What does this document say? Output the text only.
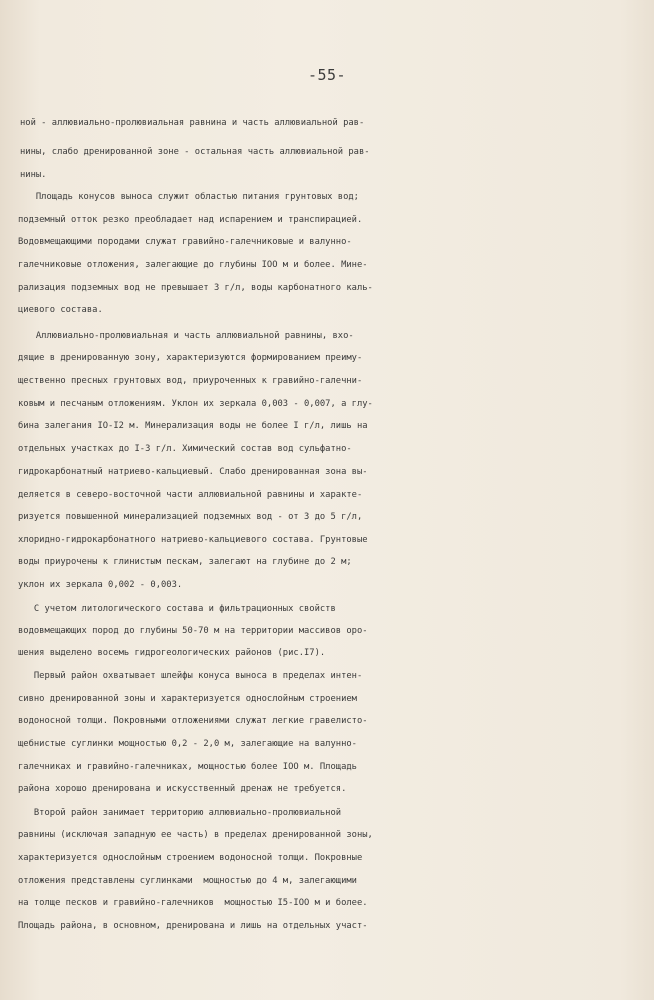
-55-
ной - аллювиально-пролювиальная равнина и часть аллювиальной рав-
нины, слабо дренированной зоне - остальная часть аллювиальной рав-
нины.
Площадь конусов выноса служит областью питания грунтовых вод;
подземный отток резко преобладает над испарением и транспирацией.
Водовмещающими породами служат гравийно-галечниковые и валунно-
галечниковые отложения, залегающие до глубины IOO м и более. Мине-
рализация подземных вод не превышает 3 г/л, воды карбонатного каль-
циевого состава.
Аллювиально-пролювиальная и часть аллювиальной равнины, вхо-
дящие в дренированную зону, характеризуются формированием преиму-
щественно пресных грунтовых вод, приуроченных к гравийно-галечни-
ковым и песчаным отложениям. Уклон их зеркала 0,003 - 0,007, а глу-
бина залегания IO-I2 м. Минерализация воды не более I г/л, лишь на
отдельных участках до I-3 г/л. Химический состав вод сульфатно-
гидрокарбонатный натриево-кальциевый. Слабо дренированная зона вы-
деляется в северо-восточной части аллювиальной равнины и характе-
ризуется повышенной минерализацией подземных вод - от 3 до 5 г/л,
хлоридно-гидрокарбонатного натриево-кальциевого состава. Грунтовые
воды приурочены к глинистым пескам, залегают на глубине до 2 м;
уклон их зеркала 0,002 - 0,003.
С учетом литологического состава и фильтрационных свойств
водовмещающих пород до глубины 50-70 м на территории массивов оро-
шения выделено восемь гидрогеологических районов (рис.I7).
Первый район охватывает шлейфы конуса выноса в пределах интен-
сивно дренированной зоны и характеризуется однослойным строением
водоносной толщи. Покровными отложениями служат легкие гравелисто-
щебнистые суглинки мощностью 0,2 - 2,0 м, залегающие на валунно-
галечниках и гравийно-галечниках, мощностью более IOO м. Площадь
района хорошо дренирована и искусственный дренаж не требуется.
Второй район занимает территорию аллювиально-пролювиальной
равнины (исключая западную ее часть) в пределах дренированной зоны,
характеризуется однослойным строением водоносной толщи. Покровные
отложения представлены суглинками  мощностью до 4 м, залегающими
на толще песков и гравийно-галечников  мощностью I5-IOO м и более.
Площадь района, в основном, дренирована и лишь на отдельных участ-
